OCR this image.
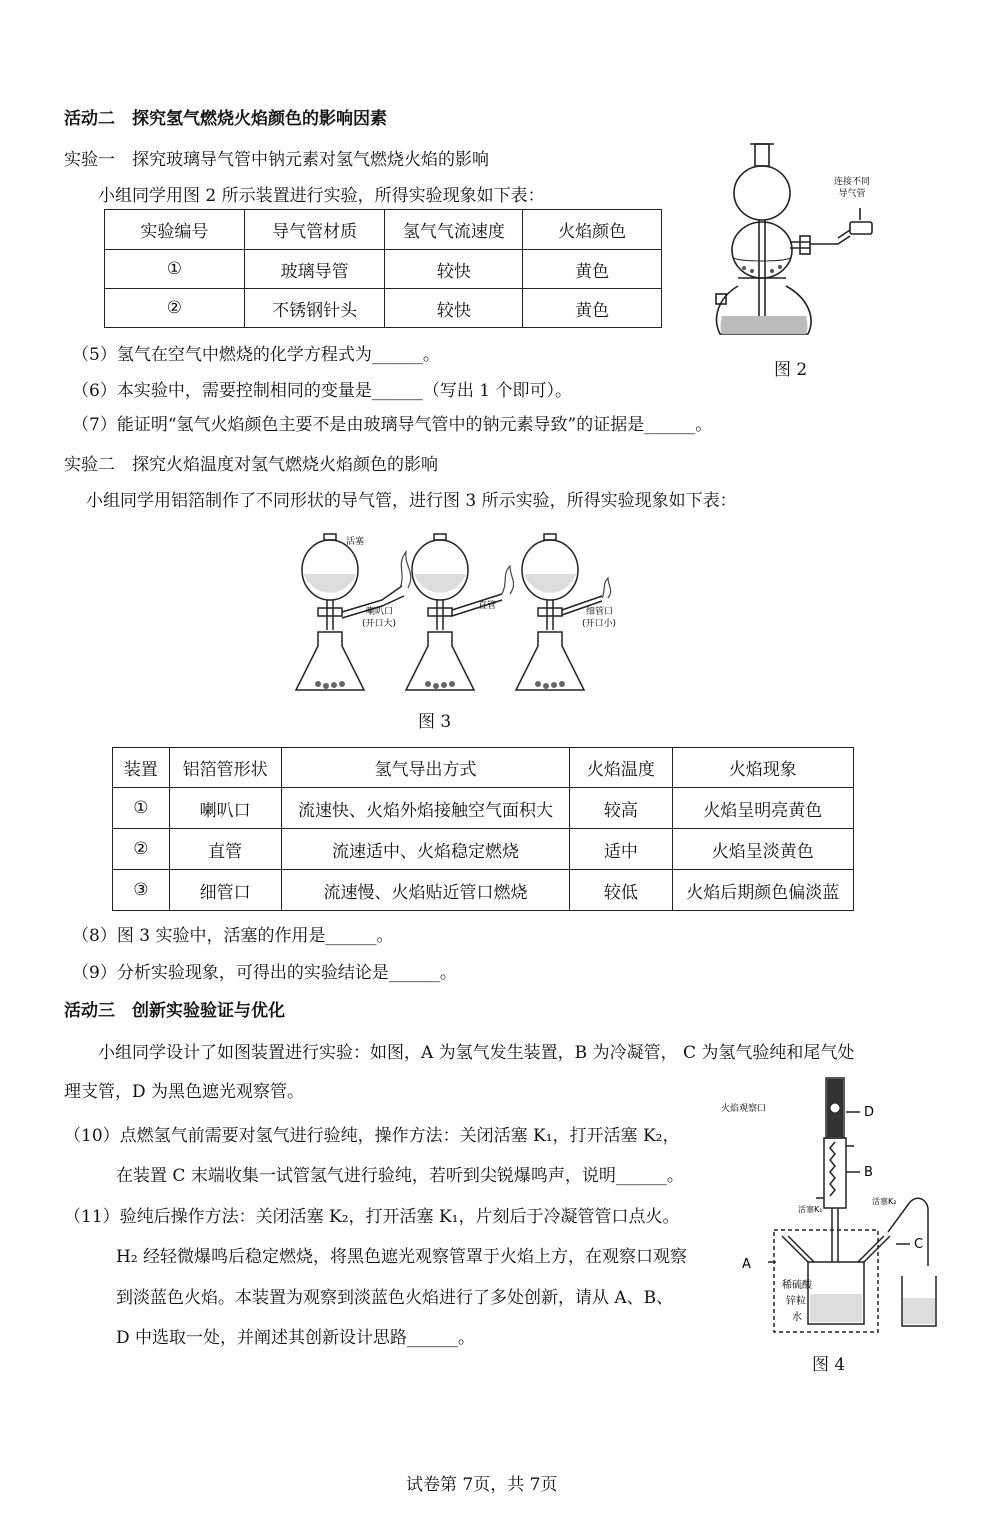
活动二　探究氢气燃烧火焰颜色的影响因素
实验一　探究玻璃导气管中钠元素对氢气燃烧火焰的影响
小组同学用图 2 所示装置进行实验，所得实验现象如下表：
实验编号	导气管材质	氢气气流速度	火焰颜色
①	玻璃导管	较快	黄色
②	不锈钢针头	较快	黄色
连接不同
导气管
图 2
（5）氢气在空气中燃烧的化学方程式为______。
（6）本实验中，需要控制相同的变量是______（写出 1 个即可）。
（7）能证明“氢气火焰颜色主要不是由玻璃导气管中的钠元素导致”的证据是______。
实验二　探究火焰温度对氢气燃烧火焰颜色的影响
小组同学用铝箔制作了不同形状的导气管，进行图 3 所示实验，所得实验现象如下表：
活塞
喇叭口
(开口大)
直管
细管口
(开口小)
图 3
装置	铝箔管形状	氢气导出方式	火焰温度	火焰现象
①	喇叭口	流速快、火焰外焰接触空气面积大	较高	火焰呈明亮黄色
②	直管	流速适中、火焰稳定燃烧	适中	火焰呈淡黄色
③	细管口	流速慢、火焰贴近管口燃烧	较低	火焰后期颜色偏淡蓝
（8）图 3 实验中，活塞的作用是______。
（9）分析实验现象，可得出的实验结论是______。
活动三　创新实验验证与优化
小组同学设计了如图装置进行实验：如图，A 为氢气发生装置，B 为冷凝管， C 为氢气验纯和尾气处
理支管，D 为黑色遮光观察管。
（10）点燃氢气前需要对氢气进行验纯，操作方法：关闭活塞 K₁，打开活塞 K₂，
在装置 C 末端收集一试管氢气进行验纯，若听到尖锐爆鸣声，说明______。
（11）验纯后操作方法：关闭活塞 K₂，打开活塞 K₁，片刻后于冷凝管管口点火。
H₂ 经轻微爆鸣后稳定燃烧，将黑色遮光观察管罩于火焰上方，在观察口观察
到淡蓝色火焰。本装置为观察到淡蓝色火焰进行了多处创新，请从 A、B、
D 中选取一处，并阐述其创新设计思路______。
火焰观察口	D
B
C
A
活塞K₁
活塞K₂
稀硫酸
锌粒
水
图 4
试卷第 7页，共 7页
